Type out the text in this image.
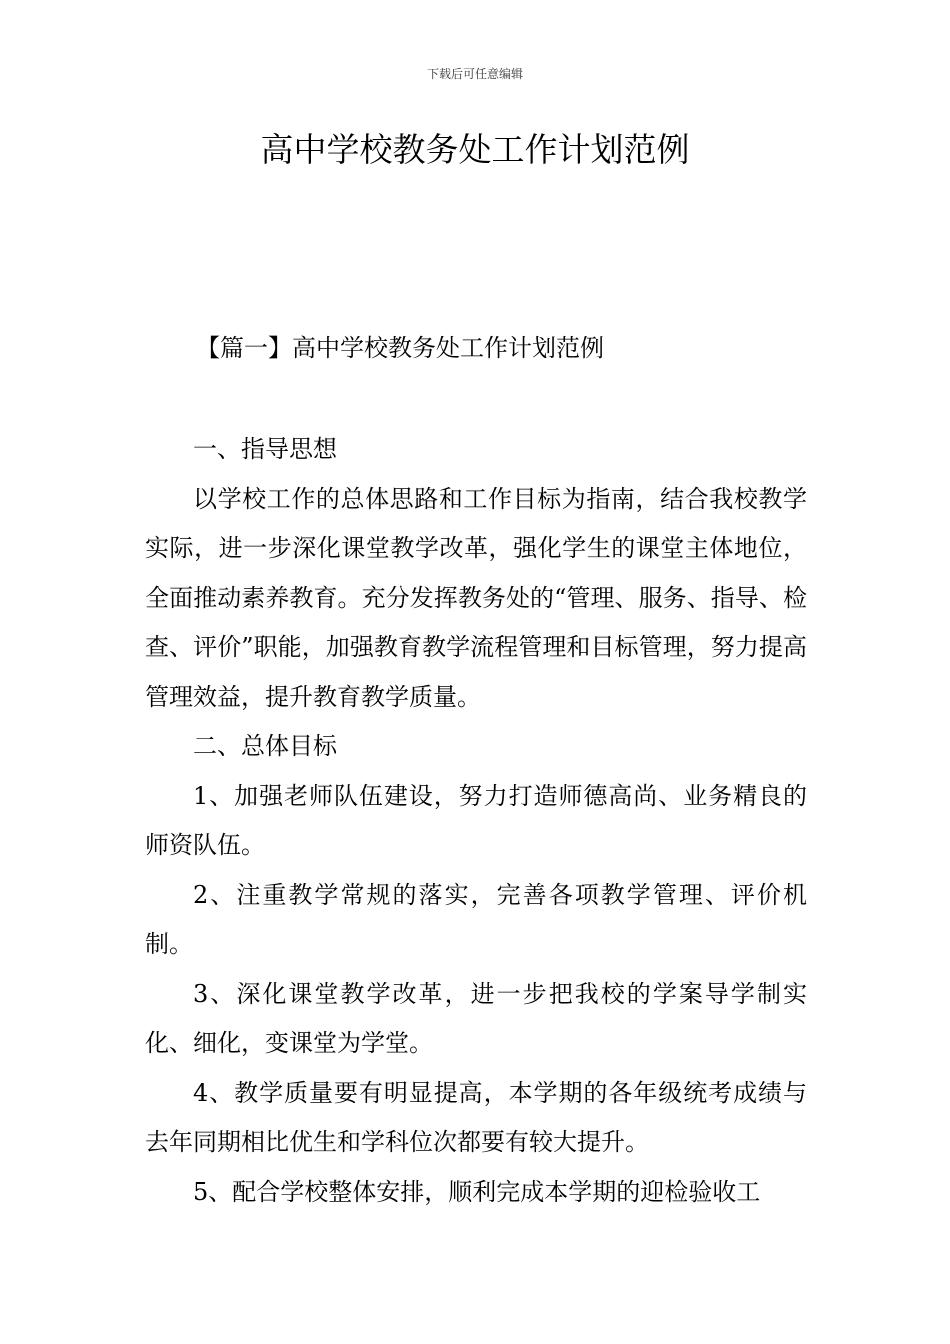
下载后可任意编辑
高中学校教务处工作计划范例
【篇一】高中学校教务处工作计划范例

一、指导思想

以学校工作的总体思路和工作目标为指南，结合我校教学实际，进一步深化课堂教学改革，强化学生的课堂主体地位，全面推动素养教育。充分发挥教务处的“管理、服务、指导、检查、评价”职能，加强教育教学流程管理和目标管理，努力提高管理效益，提升教育教学质量。

二、总体目标

1、加强老师队伍建设，努力打造师德高尚、业务精良的师资队伍。

2、注重教学常规的落实，完善各项教学管理、评价机制。

3、深化课堂教学改革，进一步把我校的学案导学制实化、细化，变课堂为学堂。

4、教学质量要有明显提高，本学期的各年级统考成绩与去年同期相比优生和学科位次都要有较大提升。

5、配合学校整体安排，顺利完成本学期的迎检验收工
